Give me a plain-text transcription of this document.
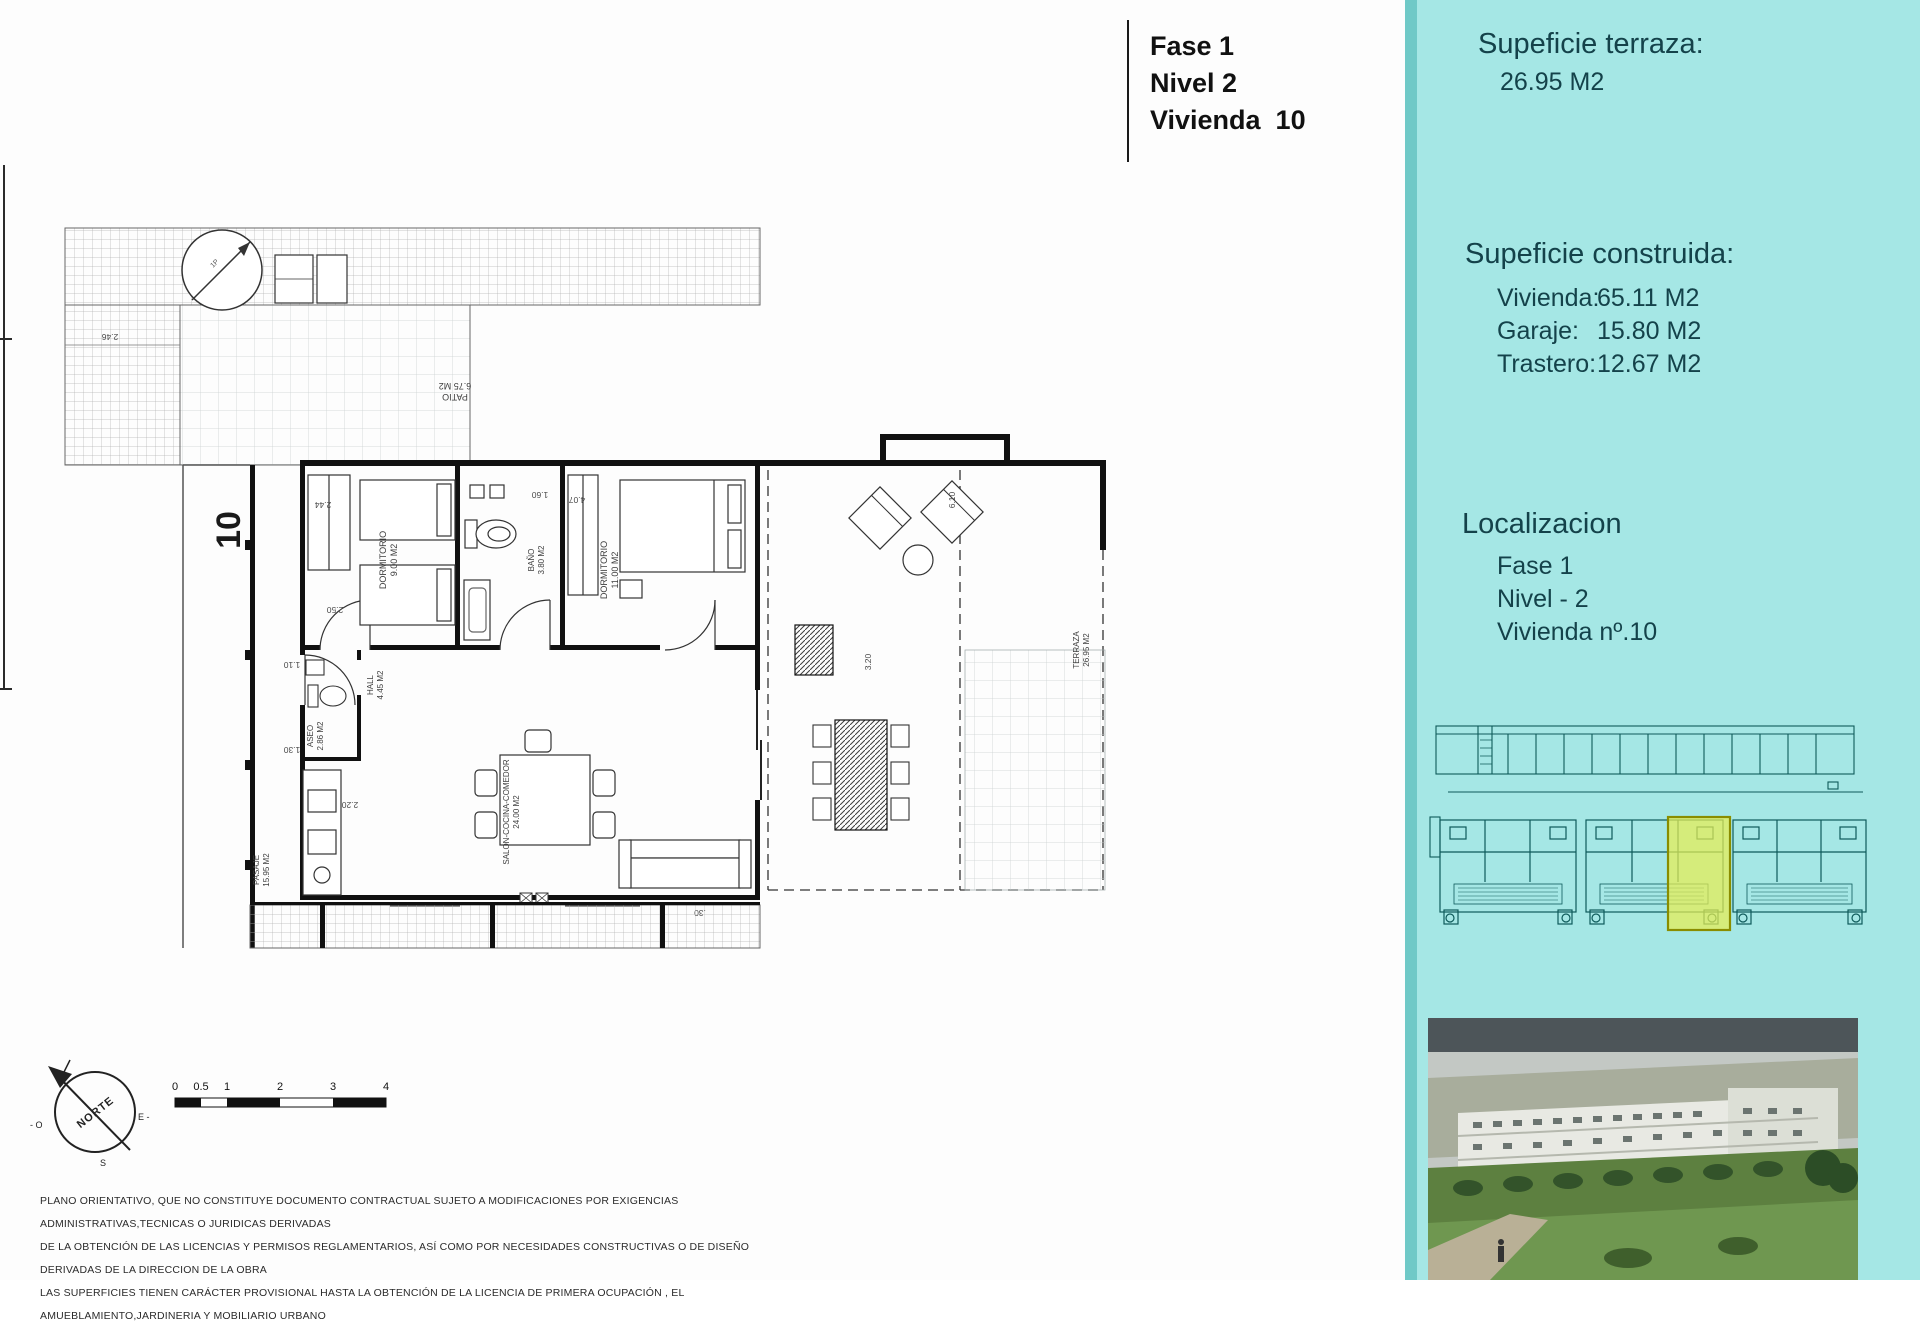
Fase 1
Nivel 2
Vivienda  10
1P
PATIO
6.75 M2
2.46
PASAJE 15.95 M2
10
DORMITORIO 9.00 M2
2.44
2.50
BAÑO 3.80 M2
1.60
DORMITORIO 11.00 M2
4.07
ASEO 2.86 M2
HALL 4.45 M2
1.10
1.30
2.20	SALON-COCINA-COMEDOR 24.00 M2
TERRAZA 26.95 M2
6.10
3.20
NORTE
S
E -
- O
0 0.5 1	2	3	4
PLANO ORIENTATIVO, QUE NO CONSTITUYE DOCUMENTO CONTRACTUAL SUJETO A MODIFICACIONES POR EXIGENCIAS ADMINISTRATIVAS,TECNICAS O JURIDICAS DERIVADAS
DE LA OBTENCIÓN DE LAS LICENCIAS Y PERMISOS REGLAMENTARIOS, ASÍ COMO POR NECESIDADES CONSTRUCTIVAS O DE DISEÑO DERIVADAS DE LA DIRECCION DE LA OBRA
LAS SUPERFICIES TIENEN CARÁCTER PROVISIONAL HASTA LA OBTENCIÓN DE LA LICENCIA DE PRIMERA OCUPACIÓN , EL AMUEBLAMIENTO,JARDINERIA Y MOBILIARIO URBANO
Supeficie terraza:
26.95 M2
Supeficie construida:
Vivienda:
65.11 M2
Garaje: 15.80 M2
Trastero: 12.67 M2
Localizacion
Fase 1
Nivel - 2
Vivienda nº.10
